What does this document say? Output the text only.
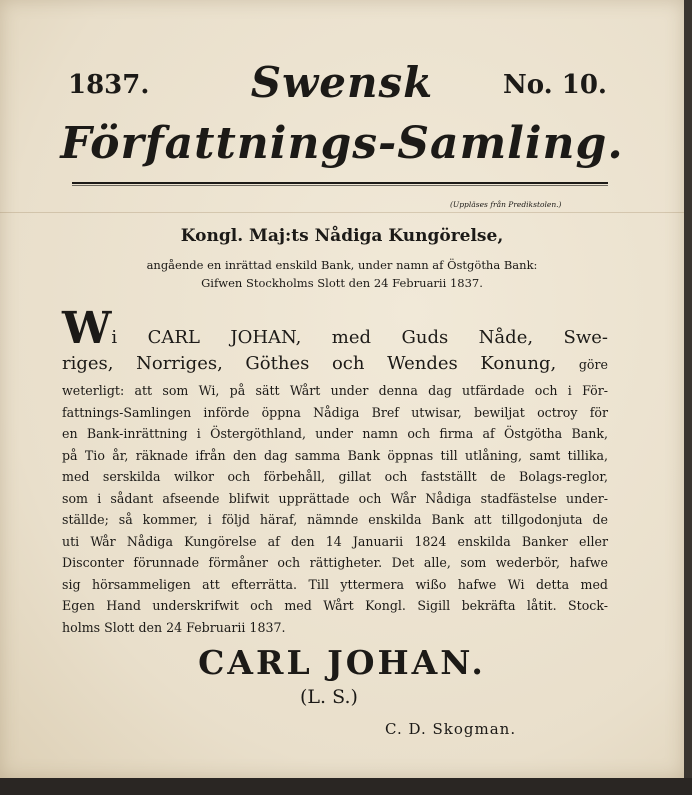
1837.	Swensk	No. 10.
Författnings-Samling.
(Uppläses från Predikstolen.)
Kongl. Maj:ts Nådiga Kungörelse,
angående en inrättad enskild Bank, under namn af Östgötha Bank:
Gifwen Stockholms Slott den 24 Februarii 1837.
Wi CARL JOHAN, med Guds Nåde, Swe-
riges, Norriges, Göthes och Wendes Konung, göre
weterligt: att som Wi, på sätt Wårt under denna dag utfärdade och i För-
fattnings-Samlingen införde öppna Nådiga Bref utwisar, bewiljat octroy för
en Bank-inrättning i Östergöthland, under namn och firma af Östgötha Bank,
på Tio år, räknade ifrån den dag samma Bank öppnas till utlåning, samt tillika,
med serskilda wilkor och förbehåll, gillat och fastställt de Bolags-reglor,
som i sådant afseende blifwit upprättade och Wår Nådiga stadfästelse under-
ställde; så kommer, i följd häraf, nämnde enskilda Bank att tillgodonjuta de
uti Wår Nådiga Kungörelse af den 14 Januarii 1824 enskilda Banker eller
Disconter förunnade förmåner och rättigheter. Det alle, som wederbör, hafwe
sig hörsammeligen att efterrätta. Till yttermera wißo hafwe Wi detta med
Egen Hand underskrifwit och med Wårt Kongl. Sigill bekräfta låtit. Stock-
holms Slott den 24 Februarii 1837.
CARL JOHAN.
(L. S.)
C. D. Skogman.
